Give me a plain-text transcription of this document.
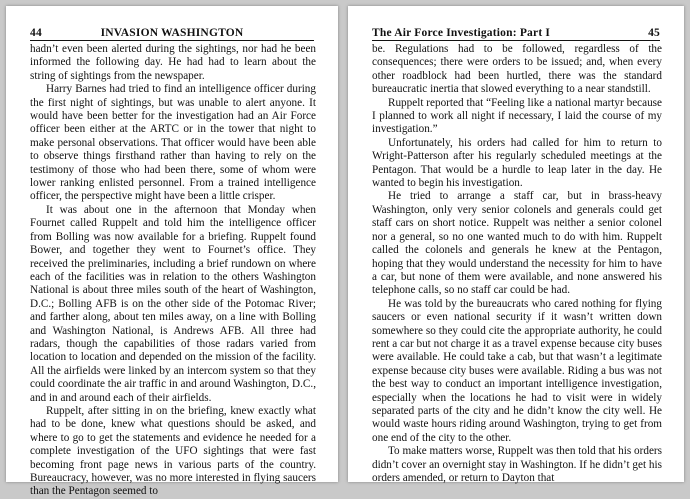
44	INVASION WASHINGTON

hadn’t even been alerted during the sightings, nor had he been informed the following day. He had had to learn about the string of sightings from the newspaper.

Harry Barnes had tried to find an intelligence officer during the first night of sightings, but was unable to alert anyone. It would have been better for the investigation had an Air Force officer been either at the ARTC or in the tower that night to make personal observations. That officer would have been able to observe things firsthand rather than having to rely on the testimony of those who had been there, some of whom were lower ranking enlisted personnel. From a trained intelligence officer, the perspective might have been a little crisper.

It was about one in the afternoon that Monday when Fournet called Ruppelt and told him the intelligence officer from Bolling was now available for a briefing. Ruppelt found Bower, and together they went to Fournet’s office. They received the preliminaries, including a brief rundown on where each of the facilities was in relation to the others Washington National is about three miles south of the heart of Washington, D.C.; Bolling AFB is on the other side of the Potomac River; and farther along, about ten miles away, on a line with Bolling and Washington National, is Andrews AFB. All three had radars, though the capabilities of those radars varied from location to location and depended on the mission of the facility. All the airfields were linked by an intercom system so that they could coordinate the air traffic in and around Washington, D.C., and in and around each of their airfields.

Ruppelt, after sitting in on the briefing, knew exactly what had to be done, knew what questions should be asked, and where to go to get the statements and evidence he needed for a complete investigation of the UFO sightings that were fast becoming front page news in various parts of the country. Bureaucracy, however, was no more interested in flying saucers than the Pentagon seemed to

The Air Force Investigation: Part I	45

be. Regulations had to be followed, regardless of the consequences; there were orders to be issued; and, when every other roadblock had been hurtled, there was the standard bureaucratic inertia that slowed everything to a near standstill.

Ruppelt reported that “Feeling like a national martyr because I planned to work all night if necessary, I laid the course of my investigation.”

Unfortunately, his orders had called for him to return to Wright-Patterson after his regularly scheduled meetings at the Pentagon. That would be a hurdle to leap later in the day. He wanted to begin his investigation.

He tried to arrange a staff car, but in brass-heavy Washington, only very senior colonels and generals could get staff cars on short notice. Ruppelt was neither a senior colonel nor a general, so no one wanted much to do with him. Ruppelt called the colonels and generals he knew at the Pentagon, hoping that they would understand the necessity for him to have a car, but none of them were available, and none answered his telephone calls, so no staff car could be had.

He was told by the bureaucrats who cared nothing for flying saucers or even national security if it wasn’t written down somewhere so they could cite the appropriate authority, he could rent a car but not charge it as a travel expense because city buses were available. He could take a cab, but that wasn’t a legitimate expense because city buses were available. Riding a bus was not the best way to conduct an important intelligence investigation, especially when the locations he had to visit were in widely separated parts of the city and he didn’t know the city well. He would waste hours riding around Washington, trying to get from one end of the city to the other.

To make matters worse, Ruppelt was then told that his orders didn’t cover an overnight stay in Washington. If he didn’t get his orders amended, or return to Dayton that
